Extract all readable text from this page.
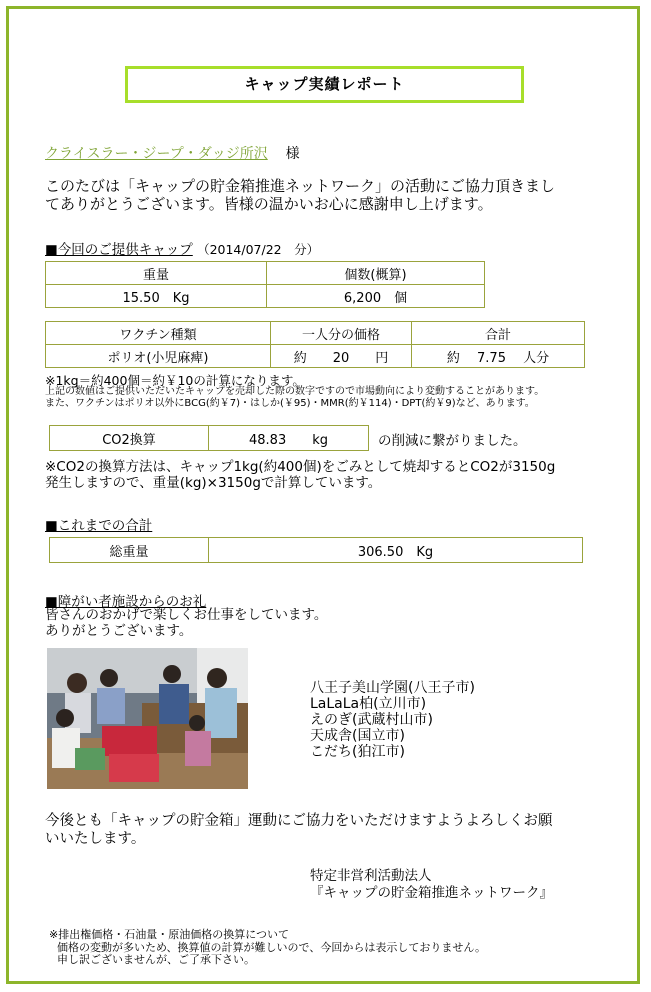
キャップ実績レポート
クライスラー・ジープ・ダッジ所沢 様
このたびは「キャップの貯金箱推進ネットワーク」の活動にご協力頂きまし
てありがとうございます。皆様の温かいお心に感謝申し上げます。
■今回のご提供キャップ （2014/07/22　分）
重量	個数(概算)
15.50　Kg	6,200　個
ワクチン種類	一人分の価格	合計
ポリオ(小児麻痺)	約　　20　　円	約　 7.75　 人分
※1kg＝約400個＝約￥10の計算になります。
上記の数値はご提供いただいたキャップを売却した際の数字ですので市場動向により変動することがあります。
また、ワクチンはポリオ以外にBCG(約￥7)・はしか(￥95)・MMR(約￥114)・DPT(約￥9)など、あります。
CO2換算	48.83　　kg	の削減に繋がりました。
※CO2の換算方法は、キャップ1kg(約400個)をごみとして焼却するとCO2が3150g
発生しますので、重量(kg)×3150gで計算しています。
■これまでの合計
総重量	306.50　Kg
■障がい者施設からのお礼
皆さんのおかげで楽しくお仕事をしています。
ありがとうございます。
八王子美山学園(八王子市)
LaLaLa柏(立川市)
えのぎ(武蔵村山市)
天成舎(国立市)
こだち(狛江市)
今後とも「キャップの貯金箱」運動にご協力をいただけますようよろしくお願
いいたします。
特定非営利活動法人
『キャップの貯金箱推進ネットワーク』
※排出権価格・石油量・原油価格の換算について
価格の変動が多いため、換算値の計算が難しいので、今回からは表示しておりません。
申し訳ございませんが、ご了承下さい。
